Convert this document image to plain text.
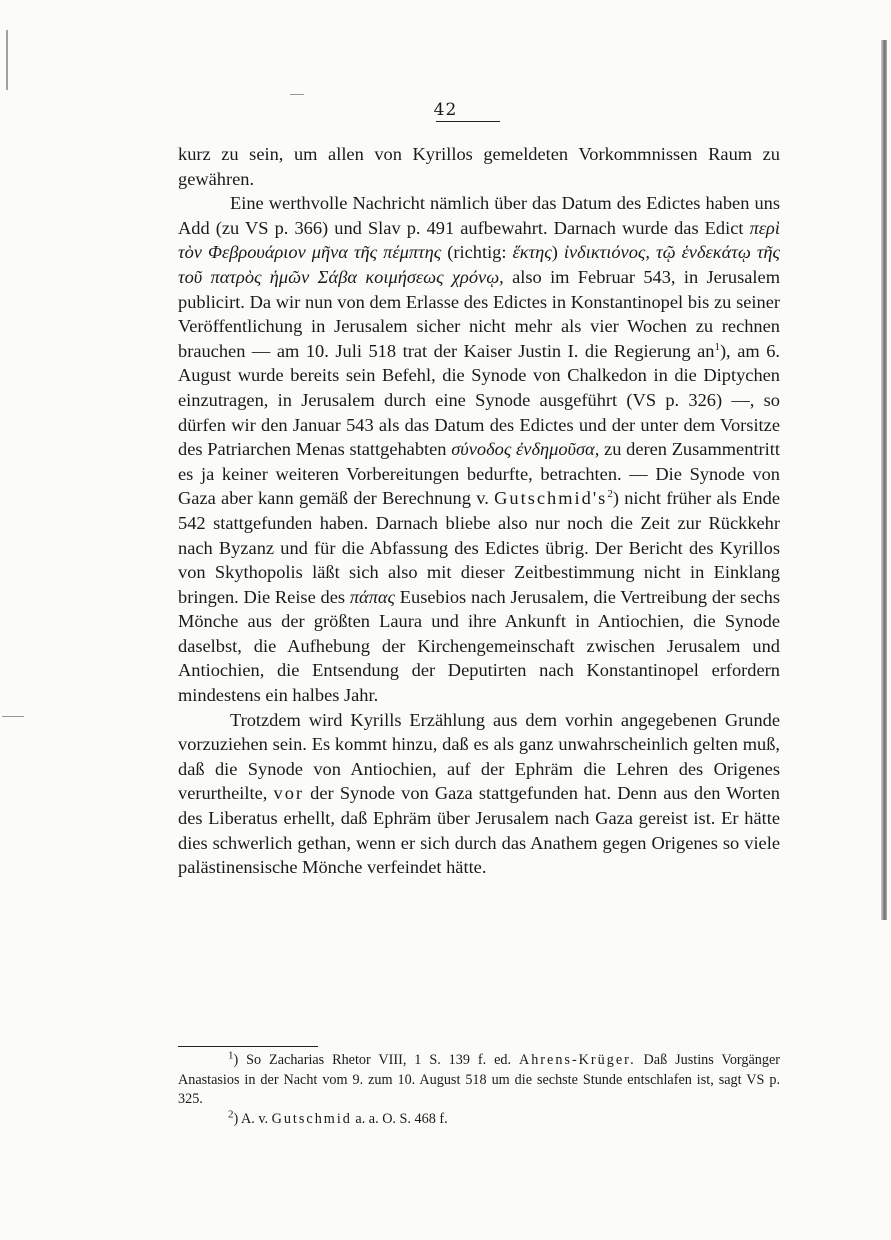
42

kurz zu sein, um allen von Kyrillos gemeldeten Vorkommnissen Raum zu gewähren.

Eine werthvolle Nachricht nämlich über das Datum des Edictes haben uns Add (zu VS p. 366) und Slav p. 491 aufbewahrt. Darnach wurde das Edict περὶ τὸν Φεβρουάριον μῆνα τῆς πέμπτης (richtig: ἕκτης) ἰνδικτιόνος, τῷ ἑνδεκάτῳ τῆς τοῦ πατρὸς ἡμῶν Σάβα κοιμήσεως χρόνῳ, also im Februar 543, in Jerusalem publicirt. Da wir nun von dem Erlasse des Edictes in Konstantinopel bis zu seiner Veröffentlichung in Jerusalem sicher nicht mehr als vier Wochen zu rechnen brauchen — am 10. Juli 518 trat der Kaiser Justin I. die Regierung $an^1$), am 6. August wurde bereits sein Befehl, die Synode von Chalkedon in die Diptychen einzutragen, in Jerusalem durch eine Synode ausgeführt (VS p. 326) —, so dürfen wir den Januar 543 als das Datum des Edictes und der unter dem Vorsitze des Patriarchen Menas stattgehabten σύνοδος ἐνδημοῦσα, zu deren Zusammentritt es ja keiner weiteren Vorbereitungen bedurfte, betrachten. — Die Synode von Gaza aber kann gemäß der Berechnung v. $Gutschmid's^2$) nicht früher als Ende 542 stattgefunden haben. Darnach bliebe also nur noch die Zeit zur Rückkehr nach Byzanz und für die Abfassung des Edictes übrig. Der Bericht des Kyrillos von Skythopolis läßt sich also mit dieser Zeitbestimmung nicht in Einklang bringen. Die Reise des πάπας Eusebios nach Jerusalem, die Vertreibung der sechs Mönche aus der größten Laura und ihre Ankunft in Antiochien, die Synode daselbst, die Aufhebung der Kirchengemeinschaft zwischen Jerusalem und Antiochien, die Entsendung der Deputirten nach Konstantinopel erfordern mindestens ein halbes Jahr.

Trotzdem wird Kyrills Erzählung aus dem vorhin angegebenen Grunde vorzuziehen sein. Es kommt hinzu, daß es als ganz unwahrscheinlich gelten muß, daß die Synode von Antiochien, auf der Ephräm die Lehren des Origenes verurtheilte, vor der Synode von Gaza stattgefunden hat. Denn aus den Worten des Liberatus erhellt, daß Ephräm über Jerusalem nach Gaza gereist ist. Er hätte dies schwerlich gethan, wenn er sich durch das Anathem gegen Origenes so viele palästinensische Mönche verfeindet hätte.

$^1$) So Zacharias Rhetor VIII, 1 S. 139 f. ed. Ahrens-Krüger. Daß Justins Vorgänger Anastasios in der Nacht vom 9. zum 10. August 518 um die sechste Stunde entschlafen ist, sagt VS p. 325.

$^2$) A. v. Gutschmid a. a. O. S. 468 f.
